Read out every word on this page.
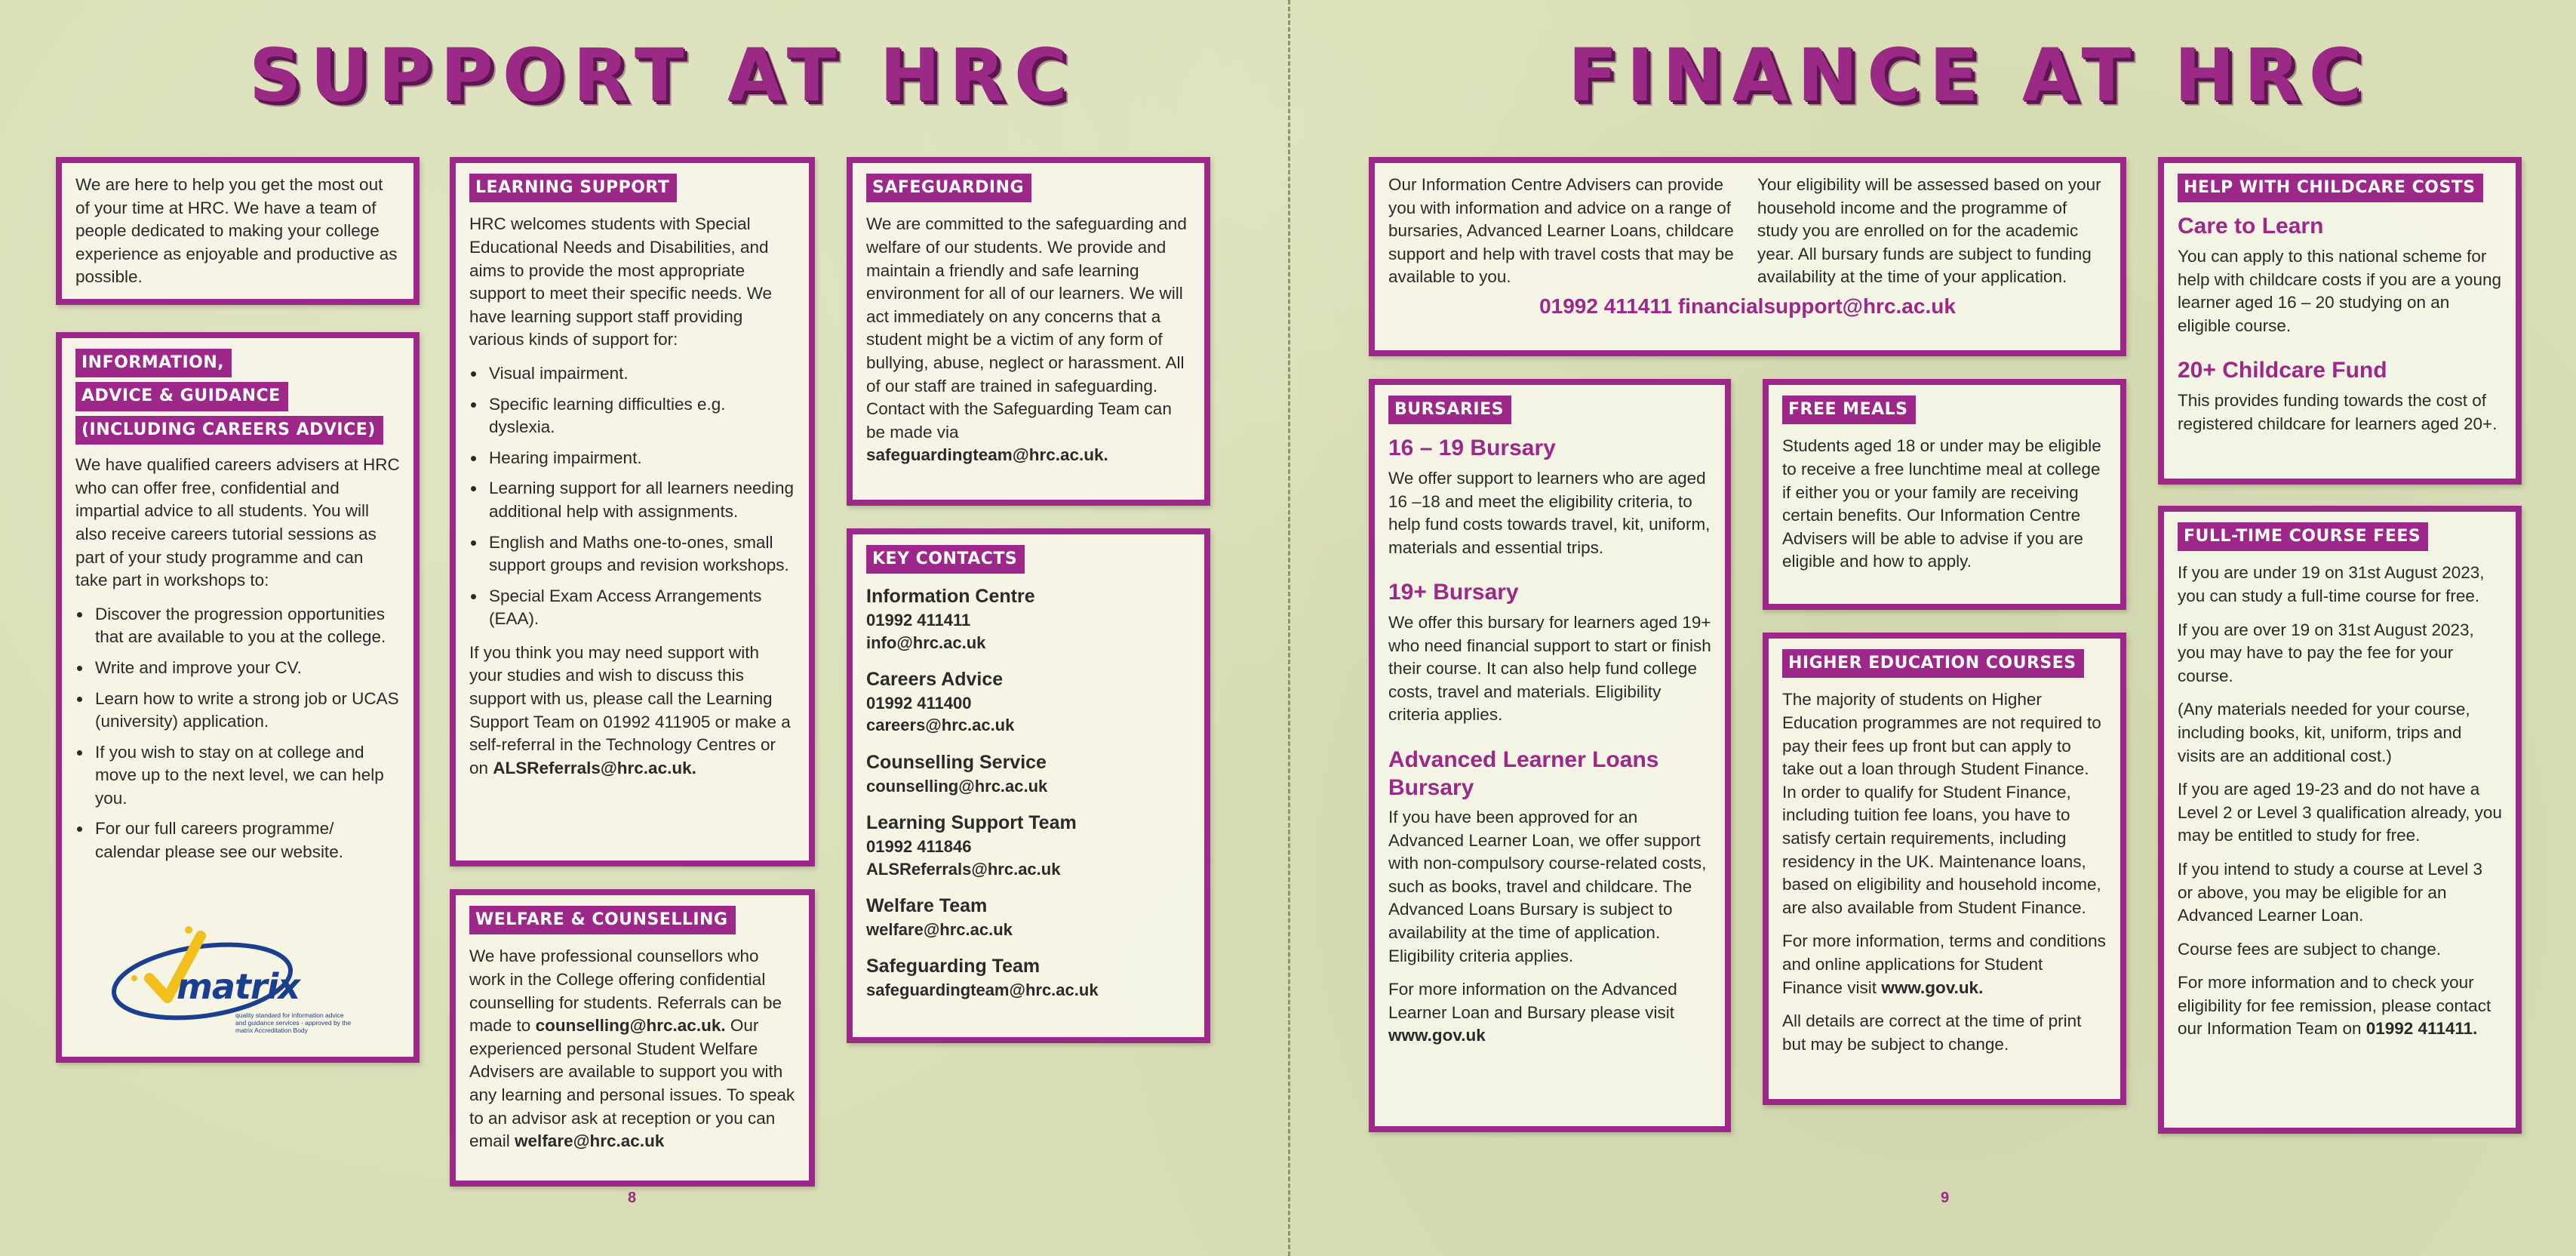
SUPPORT AT HRC

We are here to help you get the most out of your time at HRC. We have a team of people dedicated to making your college experience as enjoyable and productive as possible.

INFORMATION,
ADVICE & GUIDANCE
(INCLUDING CAREERS ADVICE)

We have qualified careers advisers at HRC who can offer free, confidential and impartial advice to all students. You will also receive careers tutorial sessions as part of your study programme and can take part in workshops to:

• Discover the progression opportunities that are available to you at the college.
• Write and improve your CV.
• Learn how to write a strong job or UCAS (university) application.
• If you wish to stay on at college and move up to the next level, we can help you.
• For our full careers programme/ calendar please see our website.
matrix
quality standard for information advice and guidance services · approved by the matrix Accreditation Body
LEARNING SUPPORT

HRC welcomes students with Special Educational Needs and Disabilities, and aims to provide the most appropriate support to meet their specific needs. We have learning support staff providing various kinds of support for:

• Visual impairment.
• Specific learning difficulties e.g. dyslexia.
• Hearing impairment.
• Learning support for all learners needing additional help with assignments.
• English and Maths one-to-ones, small support groups and revision workshops.
• Special Exam Access Arrangements (EAA).

If you think you may need support with your studies and wish to discuss this support with us, please call the Learning Support Team on 01992 411905 or make a self-referral in the Technology Centres or on ALSReferrals@hrc.ac.uk.

WELFARE & COUNSELLING

We have professional counsellors who work in the College offering confidential counselling for students. Referrals can be made to counselling@hrc.ac.uk. Our experienced personal Student Welfare Advisers are available to support you with any learning and personal issues. To speak to an advisor ask at reception or you can email welfare@hrc.ac.uk

SAFEGUARDING

We are committed to the safeguarding and welfare of our students. We provide and maintain a friendly and safe learning environment for all of our learners. We will act immediately on any concerns that a student might be a victim of any form of bullying, abuse, neglect or harassment. All of our staff are trained in safeguarding. Contact with the Safeguarding Team can be made via safeguardingteam@hrc.ac.uk.

KEY CONTACTS
Information Centre
01992 411411
info@hrc.ac.uk
Careers Advice
01992 411400
careers@hrc.ac.uk
Counselling Service
counselling@hrc.ac.uk
Learning Support Team
01992 411846
ALSReferrals@hrc.ac.uk
Welfare Team
welfare@hrc.ac.uk
Safeguarding Team
safeguardingteam@hrc.ac.uk
8
FINANCE AT HRC
Our Information Centre Advisers can provide you with information and advice on a range of bursaries, Advanced Learner Loans, childcare support and help with travel costs that may be available to you.
Your eligibility will be assessed based on your household income and the programme of study you are enrolled on for the academic year. All bursary funds are subject to funding availability at the time of your application.
01992 411411 financialsupport@hrc.ac.uk
BURSARIES
16 – 19 Bursary

We offer support to learners who are aged 16 –18 and meet the eligibility criteria, to help fund costs towards travel, kit, uniform, materials and essential trips.

19+ Bursary

We offer this bursary for learners aged 19+ who need financial support to start or finish their course. It can also help fund college costs, travel and materials. Eligibility criteria applies.

Advanced Learner Loans Bursary

If you have been approved for an Advanced Learner Loan, we offer support with non-compulsory course-related costs, such as books, travel and childcare. The Advanced Loans Bursary is subject to availability at the time of application. Eligibility criteria applies.

For more information on the Advanced Learner Loan and Bursary please visit www.gov.uk

FREE MEALS

Students aged 18 or under may be eligible to receive a free lunchtime meal at college if either you or your family are receiving certain benefits. Our Information Centre Advisers will be able to advise if you are eligible and how to apply.

HIGHER EDUCATION COURSES

The majority of students on Higher Education programmes are not required to pay their fees up front but can apply to take out a loan through Student Finance. In order to qualify for Student Finance, including tuition fee loans, you have to satisfy certain requirements, including residency in the UK. Maintenance loans, based on eligibility and household income, are also available from Student Finance.

For more information, terms and conditions and online applications for Student Finance visit www.gov.uk.

All details are correct at the time of print but may be subject to change.

HELP WITH CHILDCARE COSTS
Care to Learn

You can apply to this national scheme for help with childcare costs if you are a young learner aged 16 – 20 studying on an eligible course.

20+ Childcare Fund

This provides funding towards the cost of registered childcare for learners aged 20+.

FULL-TIME COURSE FEES

If you are under 19 on 31st August 2023, you can study a full-time course for free.

If you are over 19 on 31st August 2023, you may have to pay the fee for your course.

(Any materials needed for your course, including books, kit, uniform, trips and visits are an additional cost.)

If you are aged 19-23 and do not have a Level 2 or Level 3 qualification already, you may be entitled to study for free.

If you intend to study a course at Level 3 or above, you may be eligible for an Advanced Learner Loan.

Course fees are subject to change.

For more information and to check your eligibility for fee remission, please contact our Information Team on 01992 411411.

9
